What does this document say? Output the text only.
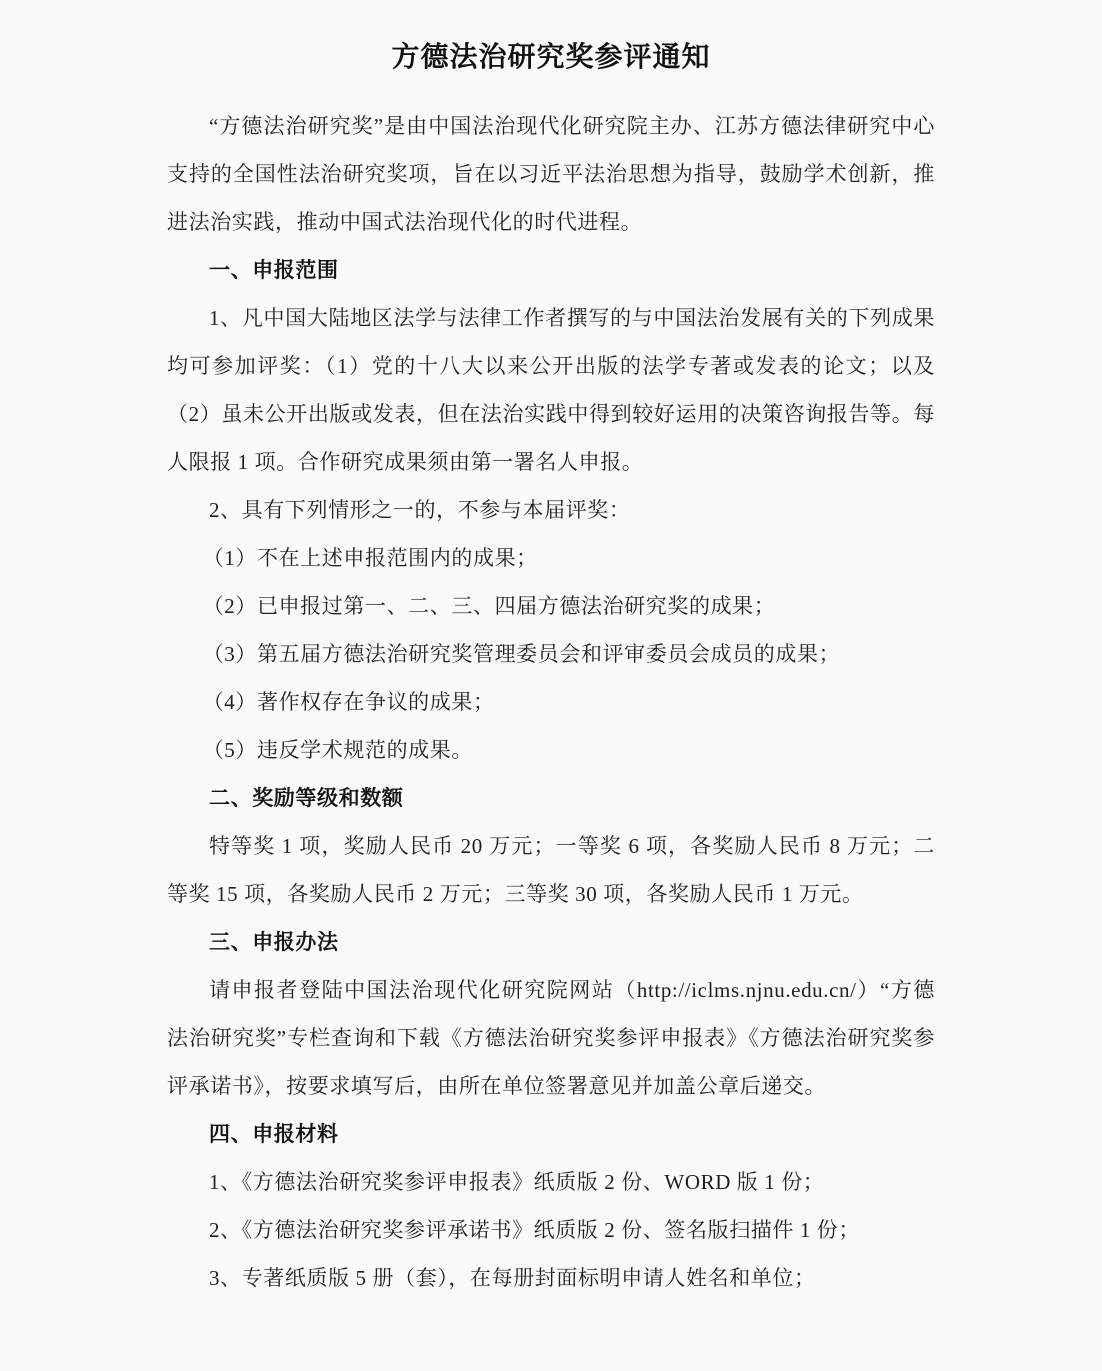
方德法治研究奖参评通知

“方德法治研究奖”是由中国法治现代化研究院主办、江苏方德法律研究中心支持的全国性法治研究奖项，旨在以习近平法治思想为指导，鼓励学术创新，推进法治实践，推动中国式法治现代化的时代进程。

一、申报范围

1、凡中国大陆地区法学与法律工作者撰写的与中国法治发展有关的下列成果均可参加评奖：（1）党的十八大以来公开出版的法学专著或发表的论文；以及（2）虽未公开出版或发表，但在法治实践中得到较好运用的决策咨询报告等。每人限报 1 项。合作研究成果须由第一署名人申报。

2、具有下列情形之一的，不参与本届评奖：

（1）不在上述申报范围内的成果；

（2）已申报过第一、二、三、四届方德法治研究奖的成果；

（3）第五届方德法治研究奖管理委员会和评审委员会成员的成果；

（4）著作权存在争议的成果；

（5）违反学术规范的成果。

二、奖励等级和数额

特等奖 1 项，奖励人民币 20 万元；一等奖 6 项，各奖励人民币 8 万元；二等奖 15 项，各奖励人民币 2 万元；三等奖 30 项，各奖励人民币 1 万元。

三、申报办法

请申报者登陆中国法治现代化研究院网站（http://iclms.njnu.edu.cn/）“方德法治研究奖”专栏查询和下载《方德法治研究奖参评申报表》《方德法治研究奖参评承诺书》，按要求填写后，由所在单位签署意见并加盖公章后递交。

四、申报材料

1、《方德法治研究奖参评申报表》纸质版 2 份、WORD 版 1 份；

2、《方德法治研究奖参评承诺书》纸质版 2 份、签名版扫描件 1 份；

3、专著纸质版 5 册（套），在每册封面标明申请人姓名和单位；
